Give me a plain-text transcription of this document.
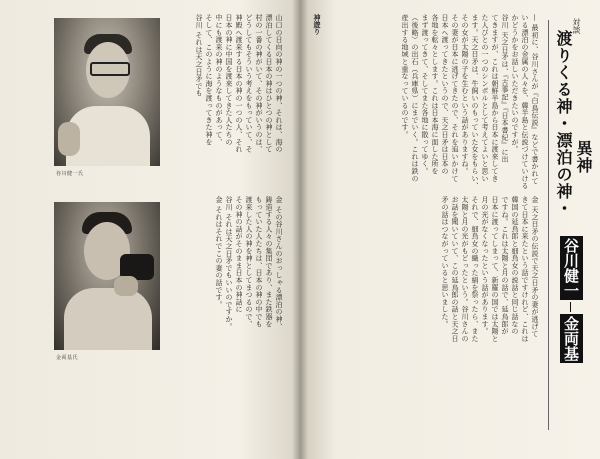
谷川健一氏
金両基氏

山口の日向の神の一つの神、それは、海の

漂泊してくる日本の神はひとつの神として

村の一番の神がいて、その神がいうのは、

どうしてもそういう考えをもっていて、そ

神殿へ渡来する日本の神の一つの人、それ

日本の神に中国を渡来してきた人たちの

中にも渡来の神のようなものがあって、

そして、このように海を渡ってきた神を

谷川 それは天之日矛でも

金 その谷川さんのおっしゃる漂泊の神、

鋳造する人々の集団であり、また鉄器を

もっていた人たちは、日本の神の中でも

渡来した人の神を神としてまつるので、

その神の話がそのまま日本の神話に

谷川 それは天之日矛でもいいのですか。

金 それはそれでこの妻の話です。

神遊り	— 最初に、谷川さんが『白鳥伝説』などで書かれて

いる漂泊の金属の人々を、韓半島と伝説づけていける

かどうかをお話しいただきたいのですが。

谷川 天之日矛は、『古事記』『日本書紀』に出

てきますが、これは朝鮮半島から日本に渡来してき

た人びとの一つのシンボルとして考えてよいと思い

ます。天之日矛は、牛飼いのもっていた女をもらい、

その女が太陽の子を生むという話がありますね。

その妻が日本に逃げてきたので、それを追いかけて

日本へ渡ってきたというので、天之日矛は日本の

各地を転々とします。これは日本海に面した所を

まず渡ってきて、そしてまた各地に散ってゆく。

（後略）の出石（兵庫県）にまでいく。これは鉄の

産出する地域と重なっているのです。

金 天之日矛の伝説で天之日矛の妻が逃げて

きて日本に来たという話ですけれど、これは

韓国の延烏郎と細烏女の説話と同じ話なの

ですね。これは太陽と月の話で、延烏郎が

日本に渡ってしまって、新羅の国では太陽と

月の光がなくなったという話があります。

それで、細烏女の織った絹を祭ったら、また

太陽と月の光がもどったという。谷川さんの

お話を聞いていて、この延烏郎の話と天之日

矛の話はつながっていると思いました。

対談
渡りくる神・漂泊の神・ 異神
谷川健一
金両基
